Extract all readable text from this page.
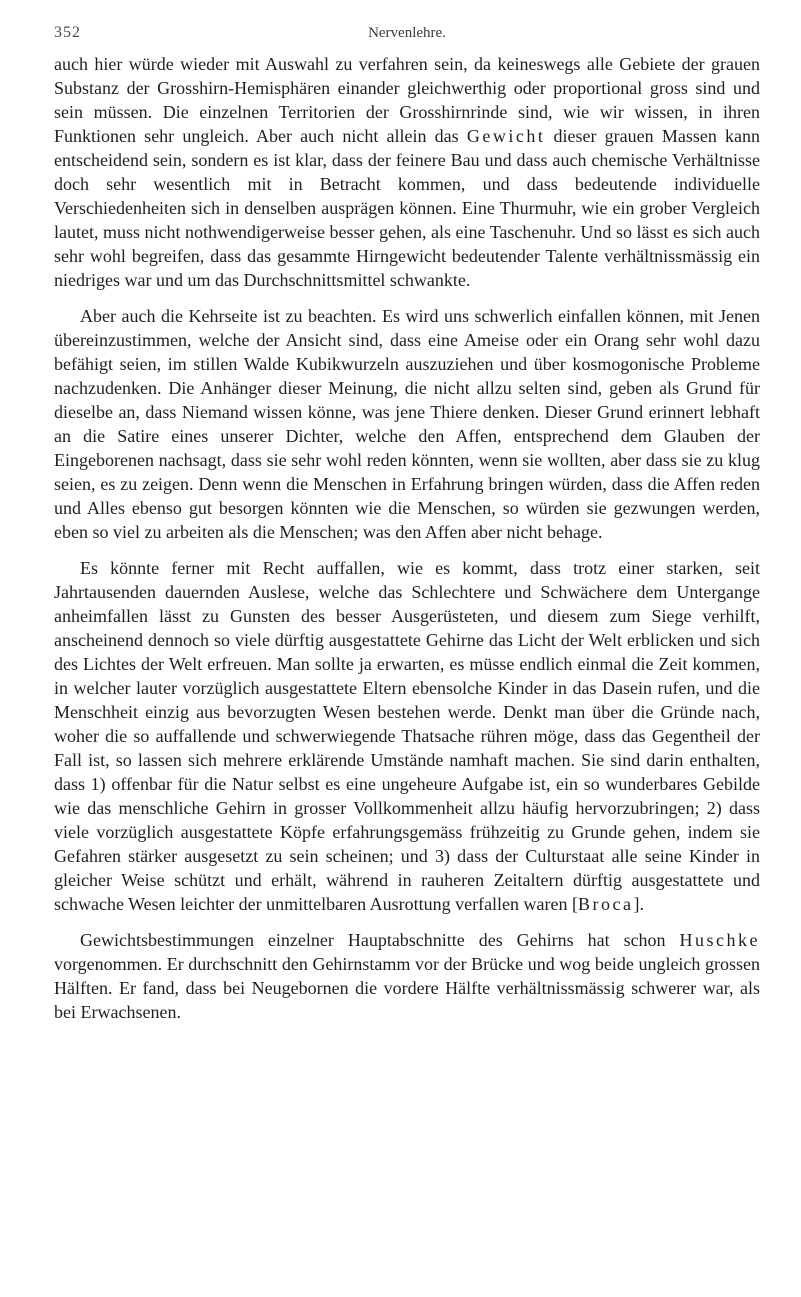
352	Nervenlehre.

auch hier würde wieder mit Auswahl zu verfahren sein, da keineswegs alle Gebiete der grauen Substanz der Grosshirn-Hemisphären einander gleichwerthig oder proportional gross sind und sein müssen. Die einzelnen Territorien der Grosshirnrinde sind, wie wir wissen, in ihren Funktionen sehr ungleich. Aber auch nicht allein das Gewicht dieser grauen Massen kann entscheidend sein, sondern es ist klar, dass der feinere Bau und dass auch chemische Verhältnisse doch sehr wesentlich mit in Betracht kommen, und dass bedeutende individuelle Verschiedenheiten sich in denselben ausprägen können. Eine Thurmuhr, wie ein grober Vergleich lautet, muss nicht nothwendigerweise besser gehen, als eine Taschenuhr. Und so lässt es sich auch sehr wohl begreifen, dass das gesammte Hirngewicht bedeutender Talente verhältnissmässig ein niedriges war und um das Durchschnittsmittel schwankte.

Aber auch die Kehrseite ist zu beachten. Es wird uns schwerlich einfallen können, mit Jenen übereinzustimmen, welche der Ansicht sind, dass eine Ameise oder ein Orang sehr wohl dazu befähigt seien, im stillen Walde Kubikwurzeln auszuziehen und über kosmogonische Probleme nachzudenken. Die Anhänger dieser Meinung, die nicht allzu selten sind, geben als Grund für dieselbe an, dass Niemand wissen könne, was jene Thiere denken. Dieser Grund erinnert lebhaft an die Satire eines unserer Dichter, welche den Affen, entsprechend dem Glauben der Eingeborenen nachsagt, dass sie sehr wohl reden könnten, wenn sie wollten, aber dass sie zu klug seien, es zu zeigen. Denn wenn die Menschen in Erfahrung bringen würden, dass die Affen reden und Alles ebenso gut besorgen könnten wie die Menschen, so würden sie gezwungen werden, eben so viel zu arbeiten als die Menschen; was den Affen aber nicht behage.

Es könnte ferner mit Recht auffallen, wie es kommt, dass trotz einer starken, seit Jahrtausenden dauernden Auslese, welche das Schlechtere und Schwächere dem Untergange anheimfallen lässt zu Gunsten des besser Ausgerüsteten, und diesem zum Siege verhilft, anscheinend dennoch so viele dürftig ausgestattete Gehirne das Licht der Welt erblicken und sich des Lichtes der Welt erfreuen. Man sollte ja erwarten, es müsse endlich einmal die Zeit kommen, in welcher lauter vorzüglich ausgestattete Eltern ebensolche Kinder in das Dasein rufen, und die Menschheit einzig aus bevorzugten Wesen bestehen werde. Denkt man über die Gründe nach, woher die so auffallende und schwerwiegende Thatsache rühren möge, dass das Gegentheil der Fall ist, so lassen sich mehrere erklärende Umstände namhaft machen. Sie sind darin enthalten, dass 1) offenbar für die Natur selbst es eine ungeheure Aufgabe ist, ein so wunderbares Gebilde wie das menschliche Gehirn in grosser Vollkommenheit allzu häufig hervorzubringen; 2) dass viele vorzüglich ausgestattete Köpfe erfahrungsgemäss frühzeitig zu Grunde gehen, indem sie Gefahren stärker ausgesetzt zu sein scheinen; und 3) dass der Culturstaat alle seine Kinder in gleicher Weise schützt und erhält, während in rauheren Zeitaltern dürftig ausgestattete und schwache Wesen leichter der unmittelbaren Ausrottung verfallen waren [Broca].

Gewichtsbestimmungen einzelner Hauptabschnitte des Gehirns hat schon Huschke vorgenommen. Er durchschnitt den Gehirnstamm vor der Brücke und wog beide ungleich grossen Hälften. Er fand, dass bei Neugebornen die vordere Hälfte verhältnissmässig schwerer war, als bei Erwachsenen.
